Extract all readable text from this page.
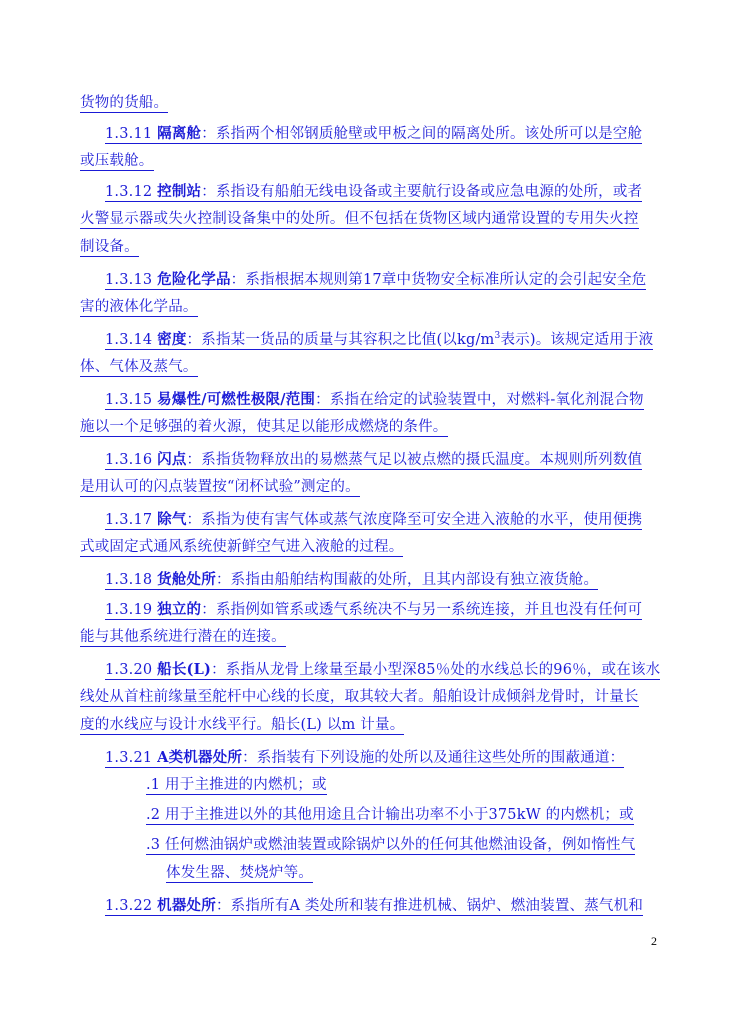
货物的货船。
1.3.11 隔离舱：系指两个相邻钢质舱壁或甲板之间的隔离处所。该处所可以是空舱
或压载舱。
1.3.12 控制站：系指设有船舶无线电设备或主要航行设备或应急电源的处所，或者
火警显示器或失火控制设备集中的处所。但不包括在货物区域内通常设置的专用失火控
制设备。
1.3.13 危险化学品：系指根据本规则第17章中货物安全标准所认定的会引起安全危
害的液体化学品。
1.3.14 密度：系指某一货品的质量与其容积之比值(以$kg/m^3$表示)。该规定适用于液
体、气体及蒸气。
1.3.15 易爆性/可燃性极限/范围：系指在给定的试验装置中，对燃料-氧化剂混合物
施以一个足够强的着火源，使其足以能形成燃烧的条件。
1.3.16 闪点：系指货物释放出的易燃蒸气足以被点燃的摄氏温度。本规则所列数值
是用认可的闪点装置按“闭杯试验”测定的。
1.3.17 除气：系指为使有害气体或蒸气浓度降至可安全进入液舱的水平，使用便携
式或固定式通风系统使新鲜空气进入液舱的过程。
1.3.18 货舱处所：系指由船舶结构围蔽的处所，且其内部设有独立液货舱。
1.3.19 独立的：系指例如管系或透气系统决不与另一系统连接，并且也没有任何可
能与其他系统进行潜在的连接。
1.3.20 船长(L)：系指从龙骨上缘量至最小型深85％处的水线总长的96％，或在该水
线处从首柱前缘量至舵杆中心线的长度，取其较大者。船舶设计成倾斜龙骨时，计量长
度的水线应与设计水线平行。船长(L) 以m 计量。
1.3.21 A类机器处所：系指装有下列设施的处所以及通往这些处所的围蔽通道：
.1 用于主推进的内燃机；或
.2 用于主推进以外的其他用途且合计输出功率不小于375kW 的内燃机；或
.3 任何燃油锅炉或燃油装置或除锅炉以外的任何其他燃油设备，例如惰性气
体发生器、焚烧炉等。
1.3.22 机器处所：系指所有A 类处所和装有推进机械、锅炉、燃油装置、蒸气机和
2
